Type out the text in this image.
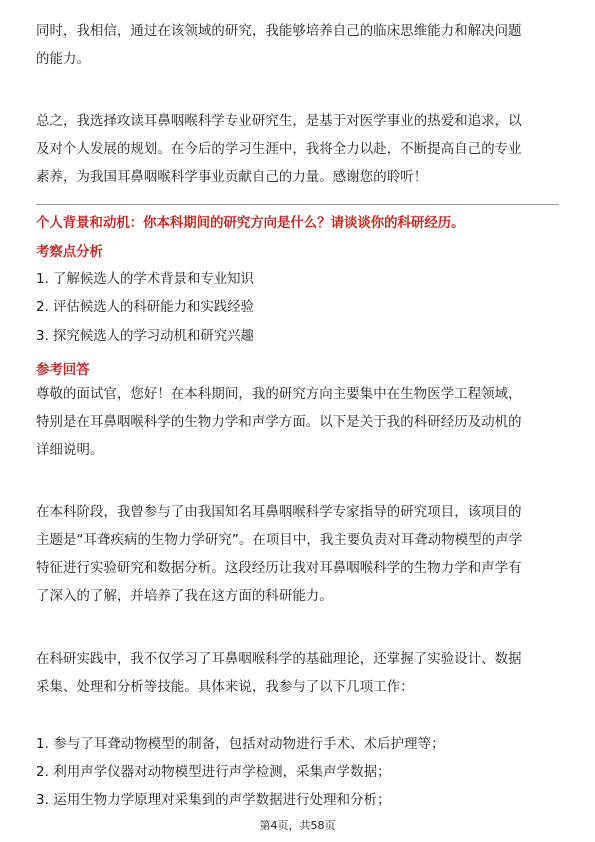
同时，我相信，通过在该领域的研究，我能够培养自己的临床思维能力和解决问题
的能力。
总之，我选择攻读耳鼻咽喉科学专业研究生，是基于对医学事业的热爱和追求，以
及对个人发展的规划。在今后的学习生涯中，我将全力以赴，不断提高自己的专业
素养，为我国耳鼻咽喉科学事业贡献自己的力量。感谢您的聆听！
个人背景和动机：你本科期间的研究方向是什么？请谈谈你的科研经历。
考察点分析
1. 了解候选人的学术背景和专业知识
2. 评估候选人的科研能力和实践经验
3. 探究候选人的学习动机和研究兴趣
参考回答
尊敬的面试官，您好！在本科期间，我的研究方向主要集中在生物医学工程领域，
特别是在耳鼻咽喉科学的生物力学和声学方面。以下是关于我的科研经历及动机的
详细说明。
在本科阶段，我曾参与了由我国知名耳鼻咽喉科学专家指导的研究项目，该项目的
主题是“耳聋疾病的生物力学研究”。在项目中，我主要负责对耳聋动物模型的声学
特征进行实验研究和数据分析。这段经历让我对耳鼻咽喉科学的生物力学和声学有
了深入的了解，并培养了我在这方面的科研能力。
在科研实践中，我不仅学习了耳鼻咽喉科学的基础理论，还掌握了实验设计、数据
采集、处理和分析等技能。具体来说，我参与了以下几项工作：
1. 参与了耳聋动物模型的制备，包括对动物进行手术、术后护理等；
2. 利用声学仪器对动物模型进行声学检测，采集声学数据；
3. 运用生物力学原理对采集到的声学数据进行处理和分析；
第4页，共58页
